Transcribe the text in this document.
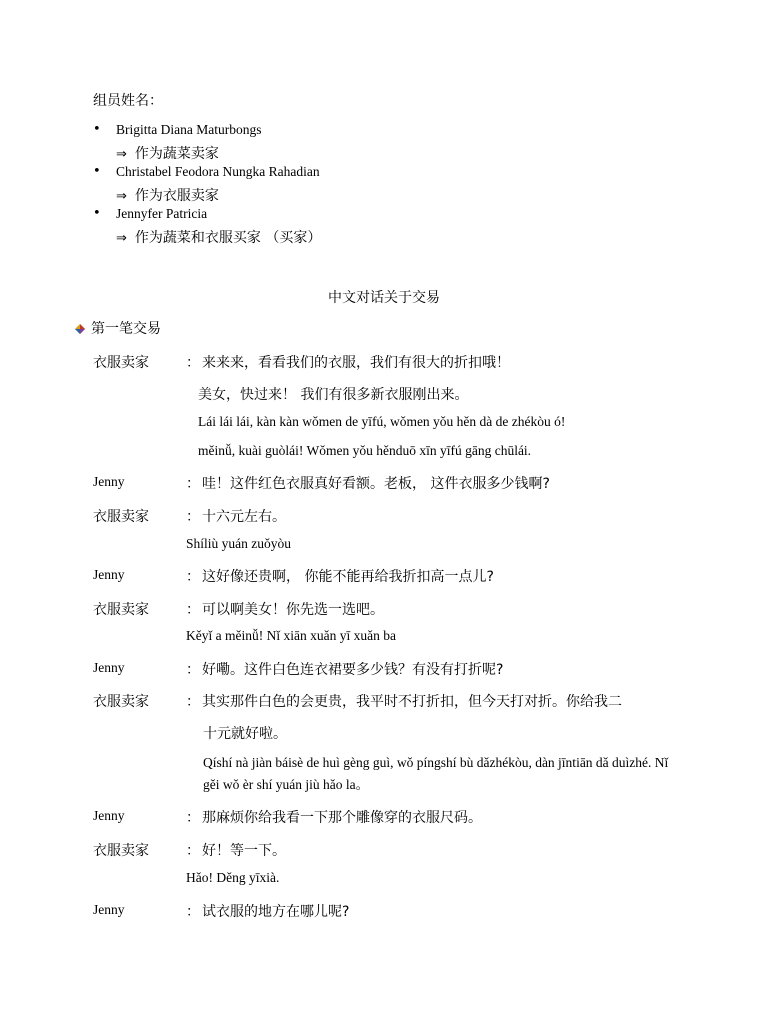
组员姓名：
• Brigitta Diana Maturbongs
⇒ 作为蔬菜卖家
• Christabel Feodora Nungka Rahadian
⇒ 作为衣服卖家
• Jennyfer Patricia
⇒ 作为蔬菜和衣服买家 （买家）
中文对话关于交易
第一笔交易
衣服卖家	： 来来来，看看我们的衣服，我们有很大的折扣哦！
美女，快过来！ 我们有很多新衣服刚出来。
Lái lái lái, kàn kàn wǒmen de yīfú, wǒmen yǒu hěn dà de zhékòu ó!
měinǚ, kuài guòlái! Wǒmen yǒu hěnduō xīn yīfú gāng chūlái.
Jenny	： 哇！这件红色衣服真好看额。老板， 这件衣服多少钱啊?
衣服卖家	： 十六元左右。
Shíliù yuán zuǒyòu
Jenny	： 这好像还贵啊， 你能不能再给我折扣高一点儿?
衣服卖家	： 可以啊美女！你先选一选吧。
Kěyǐ a měinǚ! Nǐ xiān xuǎn yī xuǎn ba
Jenny	： 好嘞。这件白色连衣裙要多少钱？有没有打折呢?
衣服卖家	： 其实那件白色的会更贵，我平时不打折扣，但今天打对折。你给我二
十元就好啦。
Qíshí nà jiàn báisè de huì gèng guì, wǒ píngshí bù dǎzhékòu, dàn jīntiān dǎ duìzhé. Nǐ gěi wǒ èr shí yuán jiù hǎo la。
Jenny	： 那麻烦你给我看一下那个雕像穿的衣服尺码。
衣服卖家	： 好！等一下。
Hǎo! Děng yīxià.
Jenny	： 试衣服的地方在哪儿呢?
